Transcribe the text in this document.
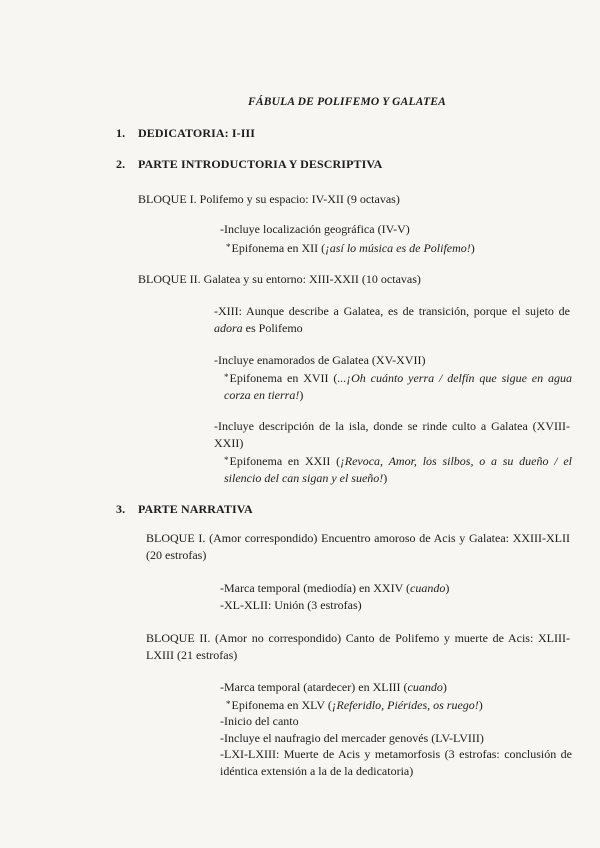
FÁBULA DE POLIFEMO Y GALATEA
1. DEDICATORIA: I-III
2. PARTE INTRODUCTORIA Y DESCRIPTIVA
BLOQUE I. Polifemo y su espacio: IV-XII (9 octavas)
-Incluye localización geográfica (IV-V)
*Epifonema en XII (¡así lo música es de Polifemo!)
BLOQUE II. Galatea y su entorno: XIII-XXII (10 octavas)
-XIII: Aunque describe a Galatea, es de transición, porque el sujeto de adora es Polifemo
-Incluye enamorados de Galatea (XV-XVII)
*Epifonema en XVII (...¡Oh cuánto yerra / delfín que sigue en agua corza en tierra!)
-Incluye descripción de la isla, donde se rinde culto a Galatea (XVIII-XXII)
*Epifonema en XXII (¡Revoca, Amor, los silbos, o a su dueño / el silencio del can sigan y el sueño!)
3. PARTE NARRATIVA
BLOQUE I. (Amor correspondido) Encuentro amoroso de Acis y Galatea: XXIII-XLII (20 estrofas)
-Marca temporal (mediodía) en XXIV (cuando)
-XL-XLII: Unión (3 estrofas)
BLOQUE II. (Amor no correspondido) Canto de Polifemo y muerte de Acis: XLIII-LXIII (21 estrofas)
-Marca temporal (atardecer) en XLIII (cuando)
*Epifonema en XLV (¡Referidlo, Piérides, os ruego!)
-Inicio del canto
-Incluye el naufragio del mercader genovés (LV-LVIII)
-LXI-LXIII: Muerte de Acis y metamorfosis (3 estrofas: conclusión de idéntica extensión a la de la dedicatoria)
